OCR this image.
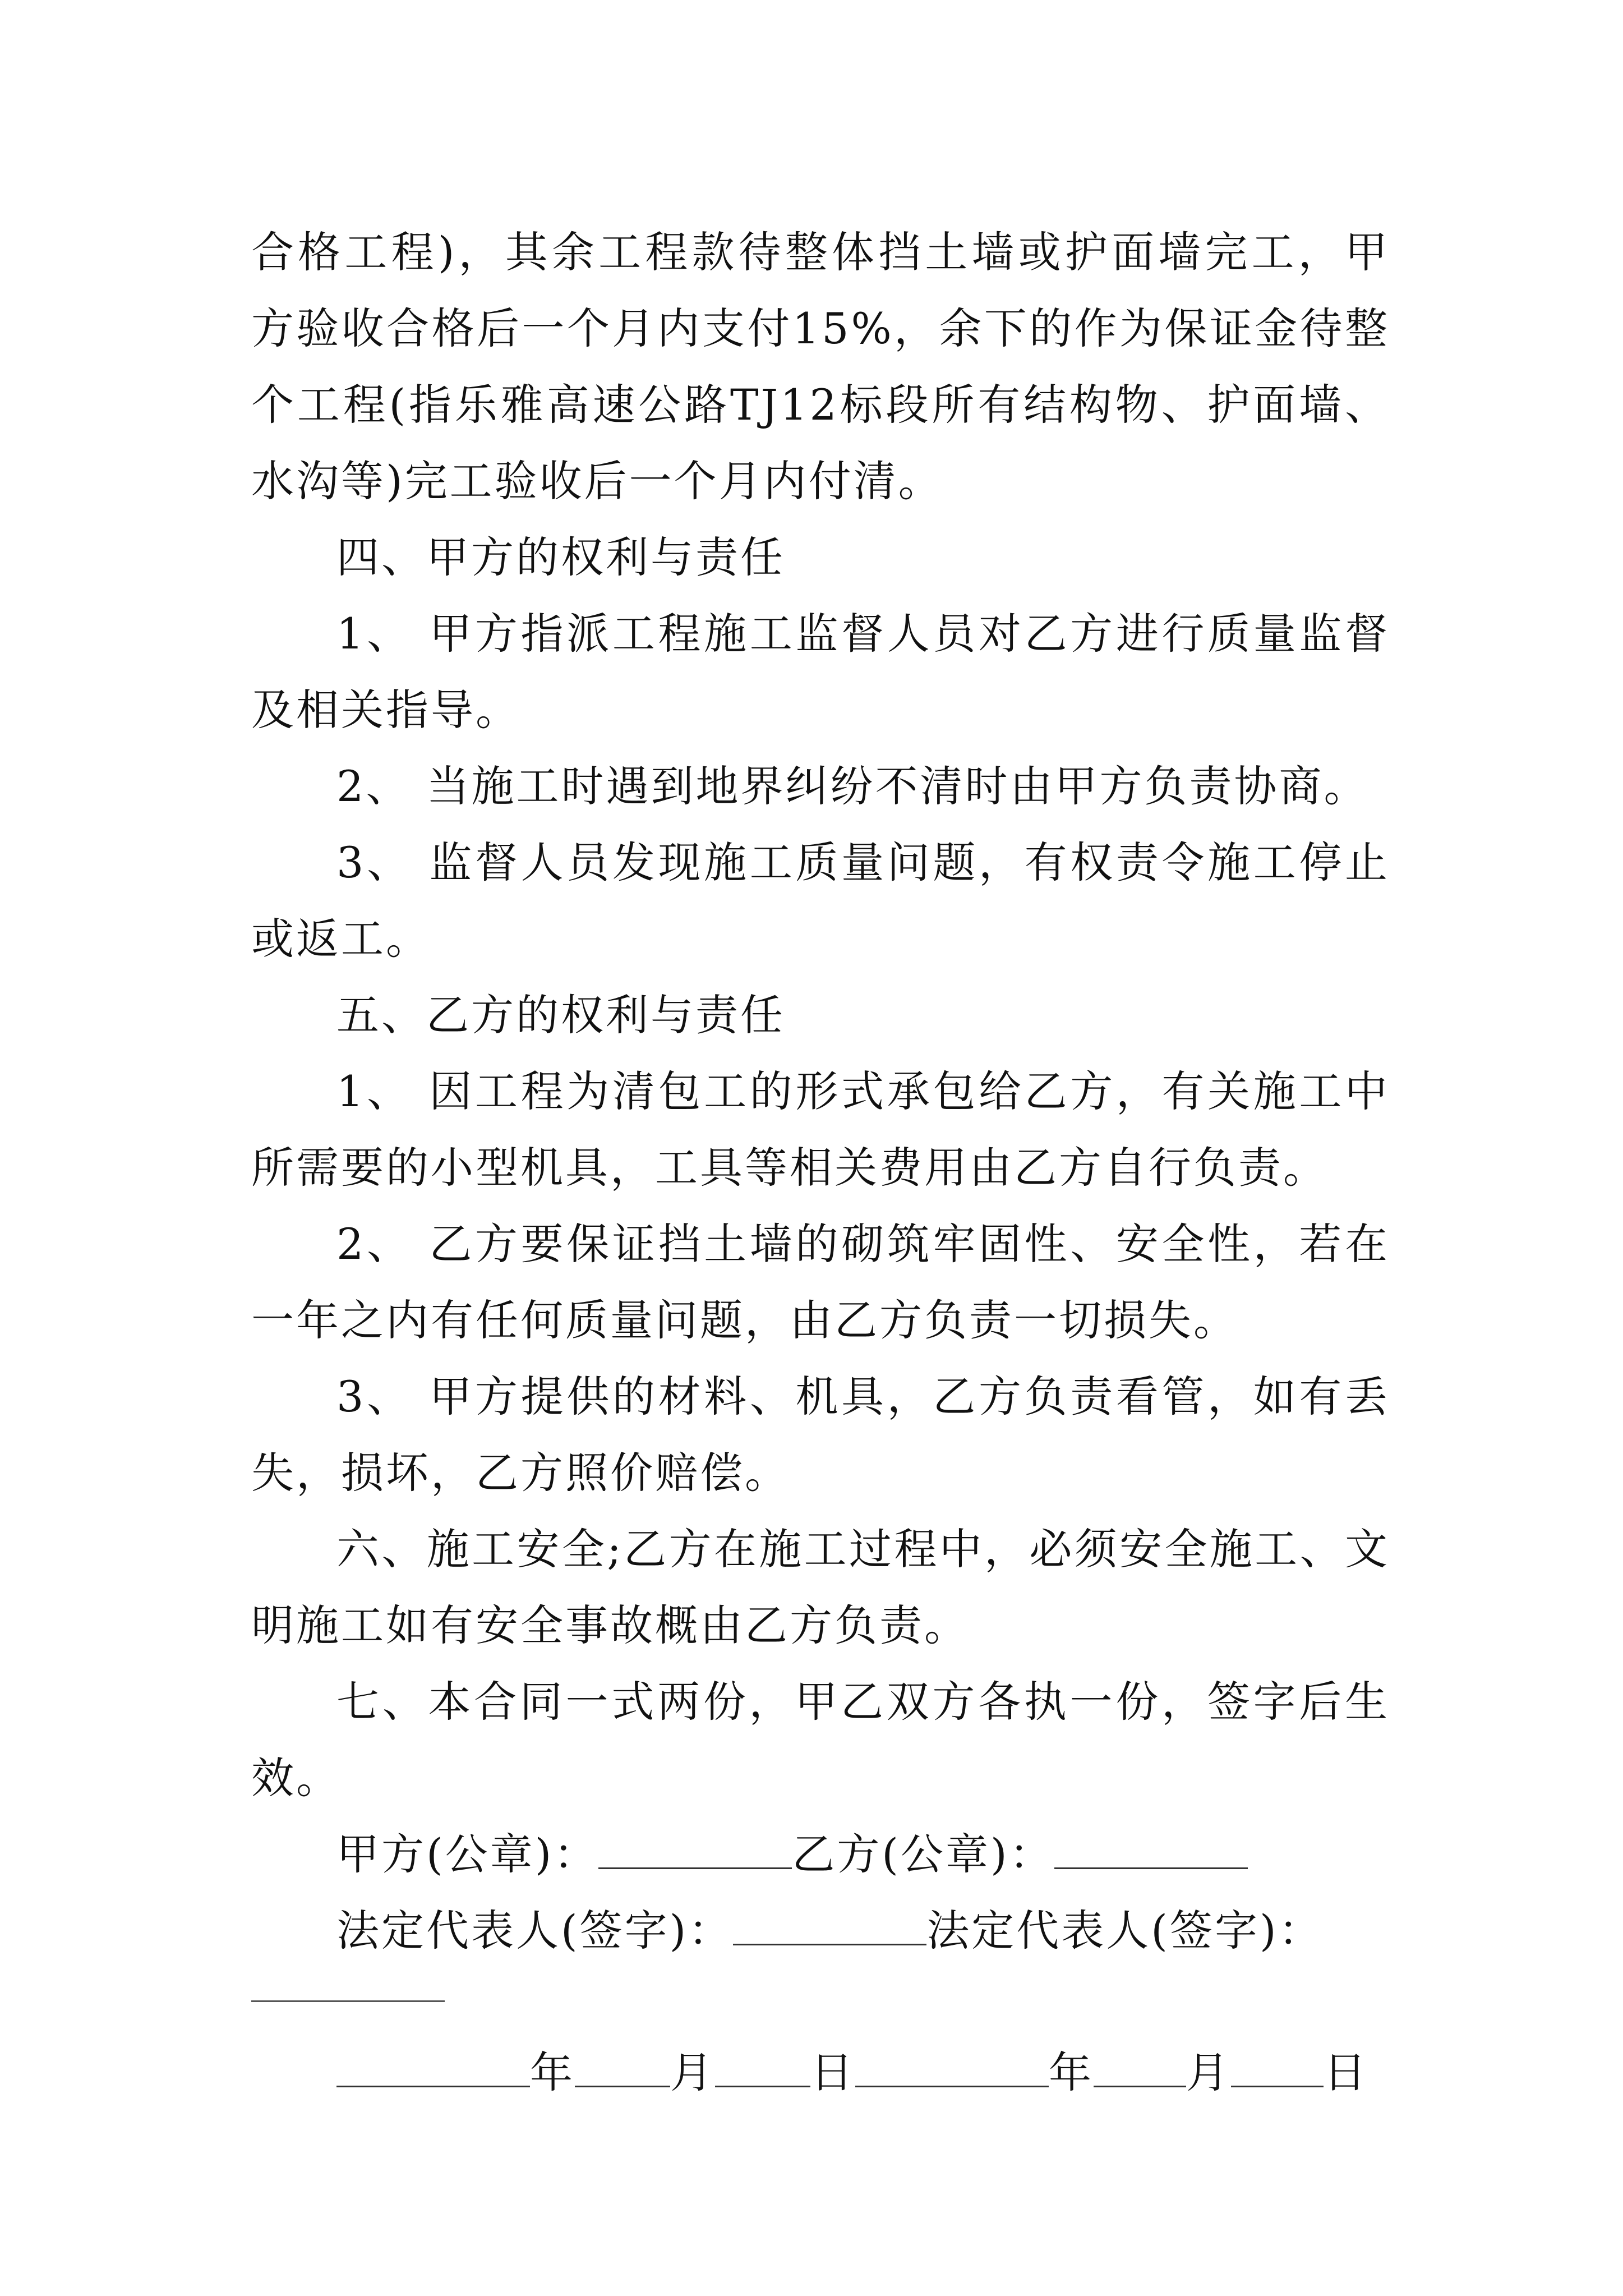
合格工程)，其余工程款待整体挡土墙或护面墙完工，甲方验收合格后一个月内支付15%，余下的作为保证金待整个工程(指乐雅高速公路TJ12标段所有结构物、护面墙、水沟等)完工验收后一个月内付清。

四、甲方的权利与责任

1、 甲方指派工程施工监督人员对乙方进行质量监督及相关指导。

2、 当施工时遇到地界纠纷不清时由甲方负责协商。

3、 监督人员发现施工质量问题，有权责令施工停止或返工。

五、乙方的权利与责任

1、 因工程为清包工的形式承包给乙方，有关施工中所需要的小型机具，工具等相关费用由乙方自行负责。

2、 乙方要保证挡土墙的砌筑牢固性、安全性，若在一年之内有任何质量问题，由乙方负责一切损失。

3、 甲方提供的材料、机具，乙方负责看管，如有丢失，损坏，乙方照价赔偿。

六、施工安全;乙方在施工过程中，必须安全施工、文明施工如有安全事故概由乙方负责。

七、本合同一式两份，甲乙双方各执一份，签字后生效。

甲方(公章)：	乙方(公章)：

法定代表人(签字)：	法定代表人(签字)：

年 月 日	年 月 日
